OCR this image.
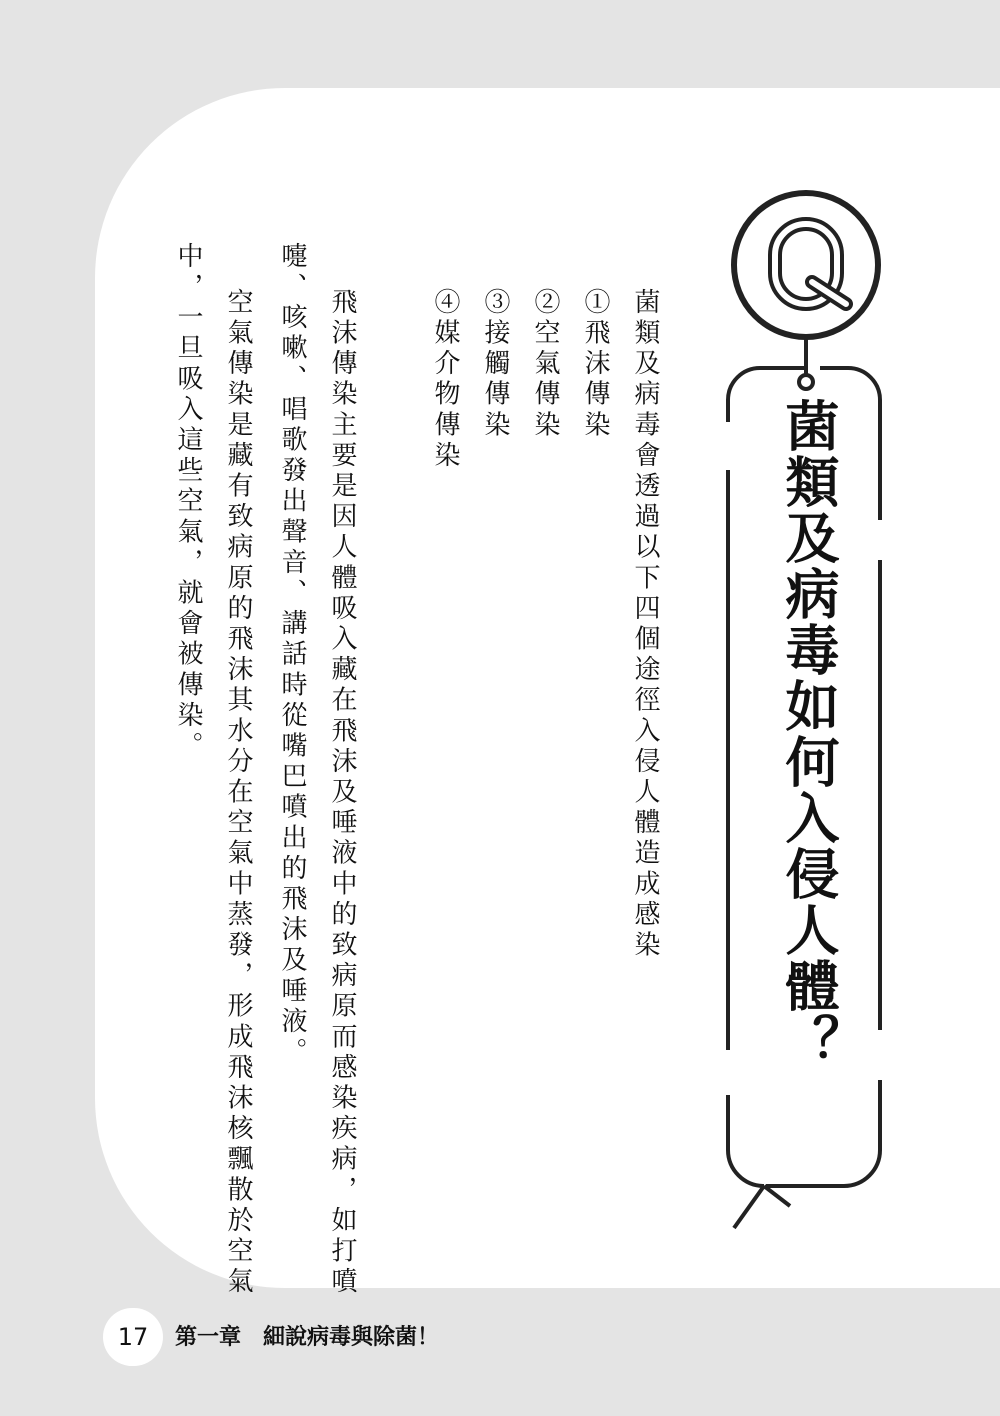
菌類及病毒如何入侵人體？
菌類及病毒會透過以下四個途徑入侵人體造成感染
①飛沫傳染
②空氣傳染
③接觸傳染
④媒介物傳染
飛沫傳染主要是因人體吸入藏在飛沫及唾液中的致病原而感染疾病，如打噴
嚏、咳嗽、唱歌發出聲音、講話時從嘴巴噴出的飛沫及唾液。
空氣傳染是藏有致病原的飛沫其水分在空氣中蒸發，形成飛沫核飄散於空氣
中，一旦吸入這些空氣，就會被傳染。
17	第一章　細說病毒與除菌！
